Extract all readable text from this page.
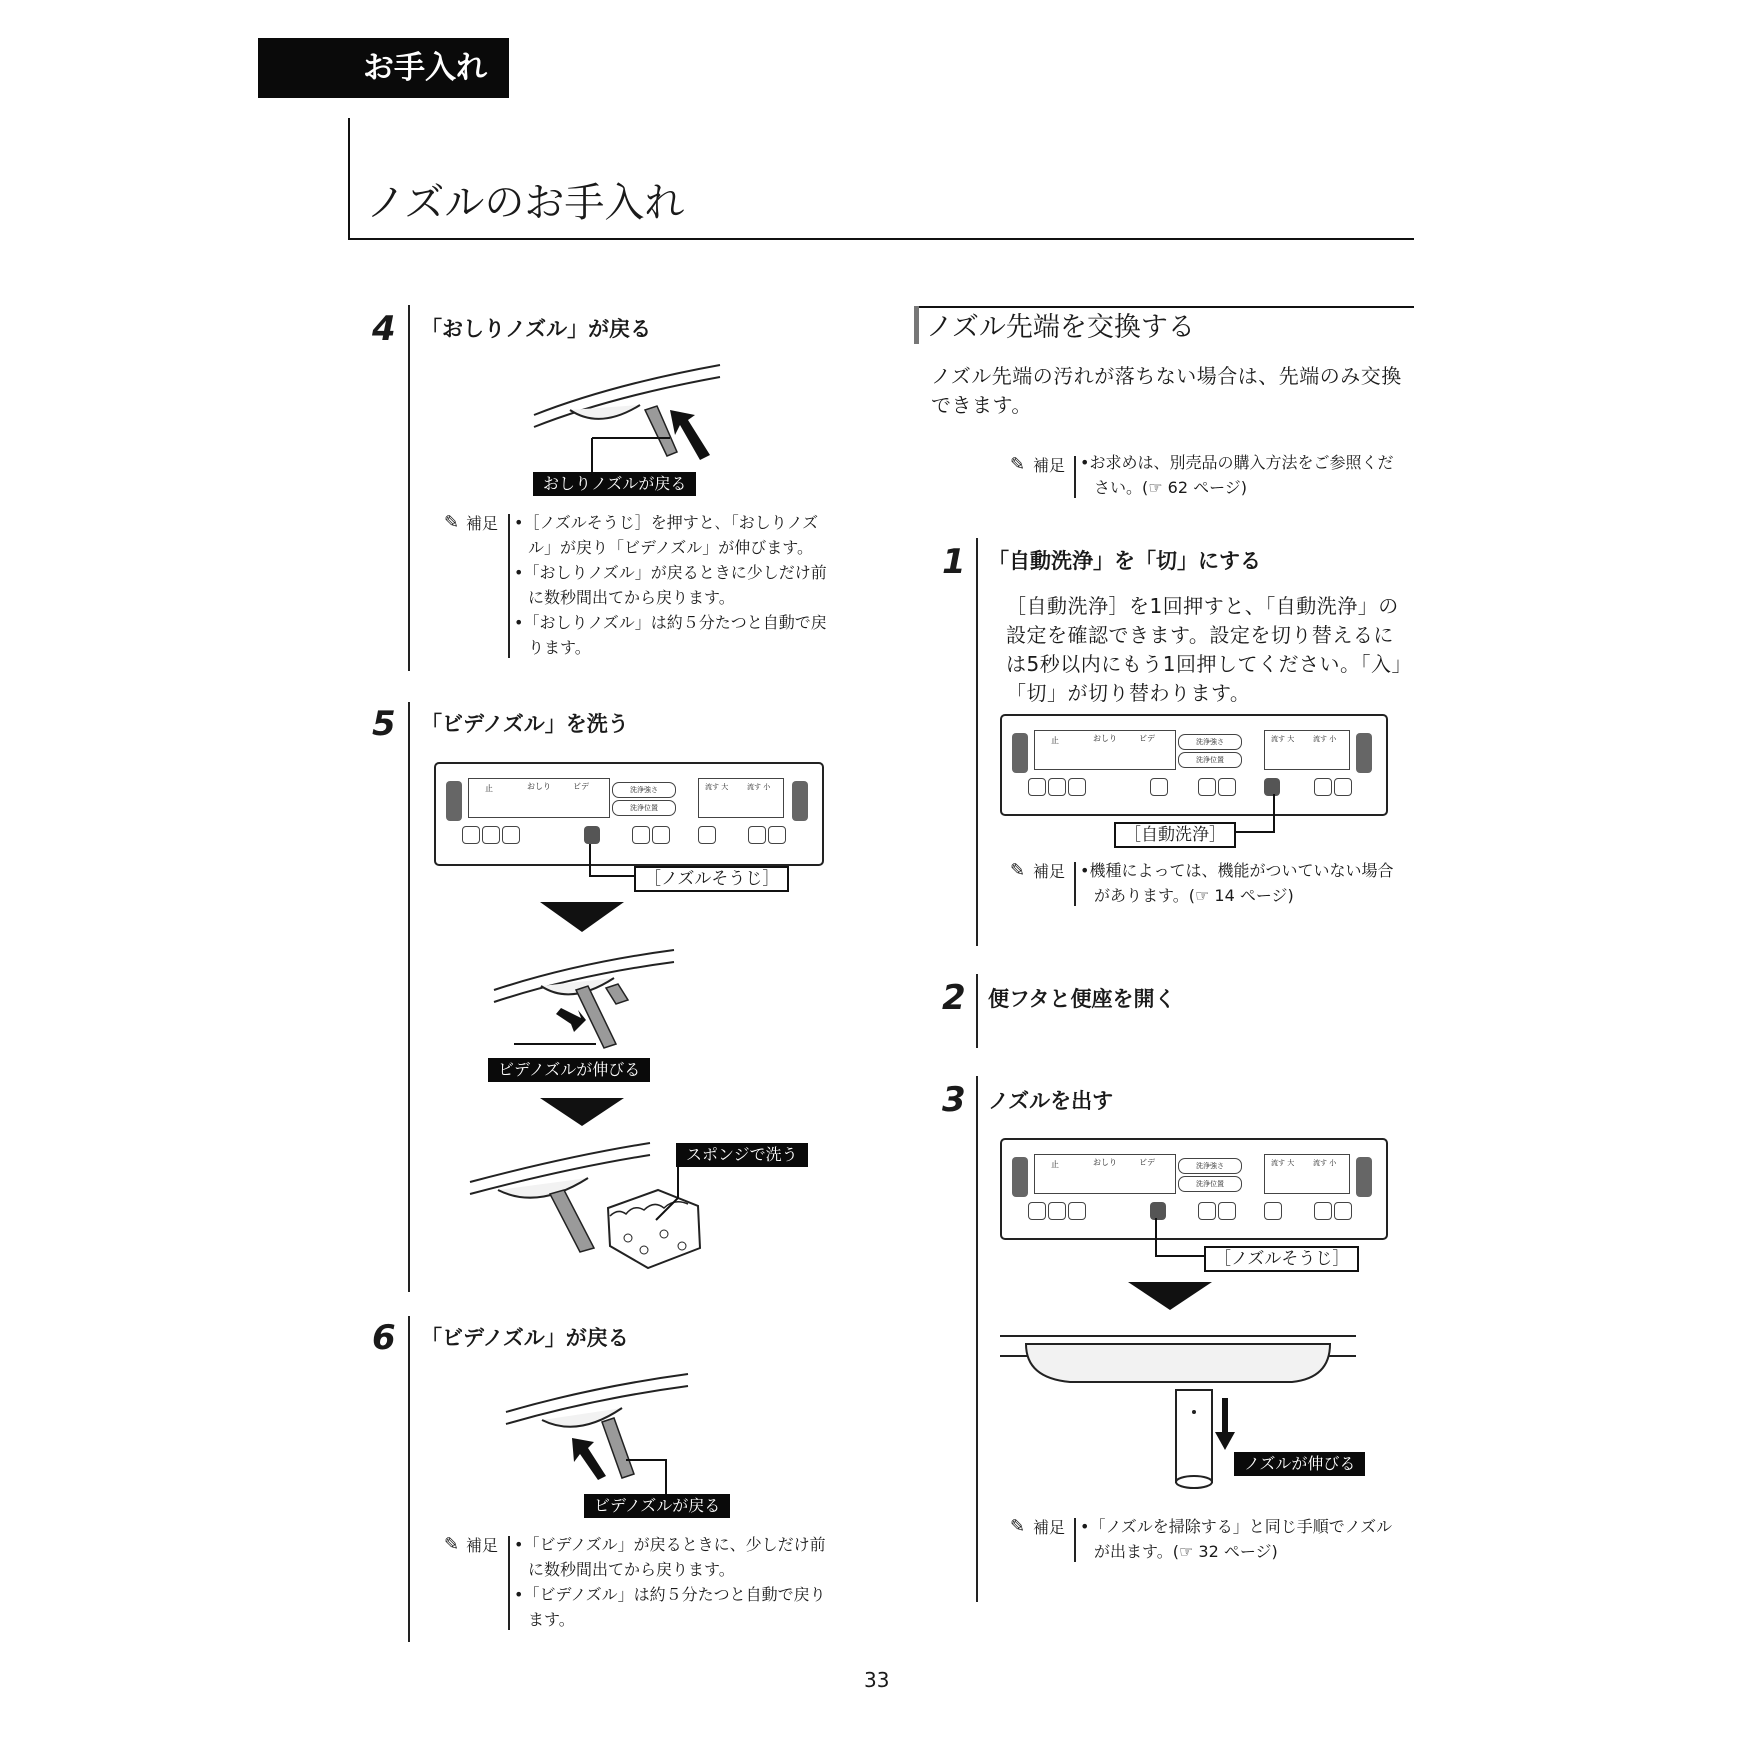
お手入れ
ノズルのお手入れ
4 「おしりノズル」が戻る
おしりノズルが戻る
✎ 補足 •［ノズルそうじ］を押すと､「おしりノズル」が戻り「ビデノズル」が伸びます。

•「おしりノズル」が戻るときに少しだけ前に数秒間出てから戻ります。

•「おしりノズル」は約５分たつと自動で戻ります。

5 「ビデノズル」を洗う
止	おしり	ビデ	洗浄強さ
洗浄位置
流す 大	流す 小
［ノズルそうじ］
ビデノズルが伸びる
スポンジで洗う
6 「ビデノズル」が戻る
ビデノズルが戻る
✎ 補足 •「ビデノズル」が戻るときに、少しだけ前に数秒間出てから戻ります。

•「ビデノズル」は約５分たつと自動で戻ります。

ノズル先端を交換する
ノズル先端の汚れが落ちない場合は、先端のみ交換できます。
✎ 補足 •お求めは、別売品の購入方法をご参照ください。(☞ 62 ページ)

1 「自動洗浄」を「切」にする
［自動洗浄］を1回押すと、「自動洗浄」の設定を確認できます。設定を切り替えるには5秒以内にもう1回押してください。「入」「切」が切り替わります。
止	おしり	ビデ	洗浄強さ
洗浄位置
流す 大	流す 小
［自動洗浄］
✎ 補足 •機種によっては、機能がついていない場合があります。(☞ 14 ページ)

2 便フタと便座を開く
3 ノズルを出す
止	おしり	ビデ	洗浄強さ
洗浄位置
流す 大	流す 小
［ノズルそうじ］
ノズルが伸びる
✎ 補足 •「ノズルを掃除する」と同じ手順でノズルが出ます。(☞ 32 ページ)

33
